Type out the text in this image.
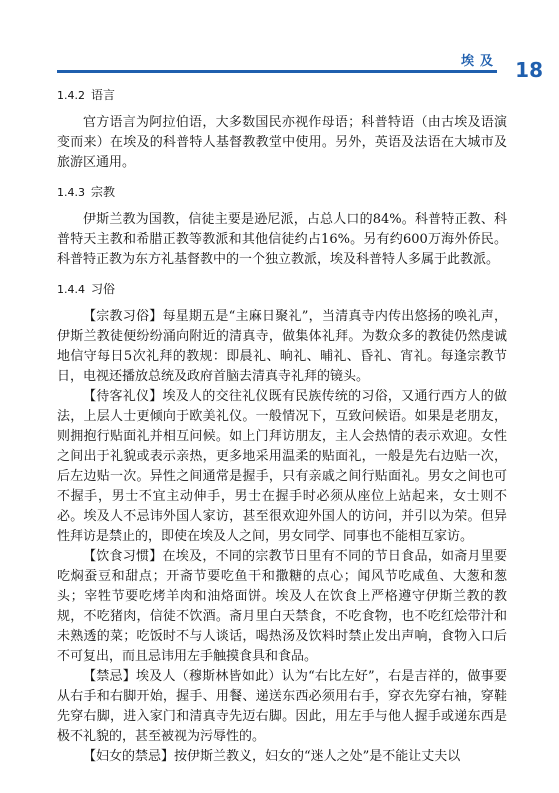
埃及 18
1.4.2 语言

官方语言为阿拉伯语，大多数国民亦视作母语；科普特语（由古埃及语演变而来）在埃及的科普特人基督教教堂中使用。另外，英语及法语在大城市及旅游区通用。

1.4.3 宗教

伊斯兰教为国教，信徒主要是逊尼派，占总人口的84%。科普特正教、科普特天主教和希腊正教等教派和其他信徒约占16%。另有约600万海外侨民。科普特正教为东方礼基督教中的一个独立教派，埃及科普特人多属于此教派。

1.4.4 习俗

【宗教习俗】每星期五是“主麻日聚礼”，当清真寺内传出悠扬的唤礼声，伊斯兰教徒便纷纷涌向附近的清真寺，做集体礼拜。为数众多的教徒仍然虔诚地信守每日5次礼拜的教规：即晨礼、晌礼、晡礼、昏礼、宵礼。每逢宗教节日，电视还播放总统及政府首脑去清真寺礼拜的镜头。

【待客礼仪】埃及人的交往礼仪既有民族传统的习俗，又通行西方人的做法，上层人士更倾向于欧美礼仪。一般情况下，互致问候语。如果是老朋友，则拥抱行贴面礼并相互问候。如上门拜访朋友，主人会热情的表示欢迎。女性之间出于礼貌或表示亲热，更多地采用温柔的贴面礼，一般是先右边贴一次，后左边贴一次。异性之间通常是握手，只有亲戚之间行贴面礼。男女之间也可不握手，男士不宜主动伸手，男士在握手时必须从座位上站起来，女士则不必。埃及人不忌讳外国人家访，甚至很欢迎外国人的访问，并引以为荣。但异性拜访是禁止的，即使在埃及人之间，男女同学、同事也不能相互家访。

【饮食习惯】在埃及，不同的宗教节日里有不同的节日食品，如斋月里要吃焖蚕豆和甜点；开斋节要吃鱼干和撒糖的点心；闻风节吃咸鱼、大葱和葱头；宰牲节要吃烤羊肉和油烙面饼。埃及人在饮食上严格遵守伊斯兰教的教规，不吃猪肉，信徒不饮酒。斋月里白天禁食，不吃食物，也不吃红烩带汁和未熟透的菜；吃饭时不与人谈话，喝热汤及饮料时禁止发出声响，食物入口后不可复出，而且忌讳用左手触摸食具和食品。

【禁忌】埃及人（穆斯林皆如此）认为“右比左好”，右是吉祥的，做事要从右手和右脚开始，握手、用餐、递送东西必须用右手，穿衣先穿右袖，穿鞋先穿右脚，进入家门和清真寺先迈右脚。因此，用左手与他人握手或递东西是极不礼貌的，甚至被视为污辱性的。

【妇女的禁忌】按伊斯兰教义，妇女的“迷人之处”是不能让丈夫以
